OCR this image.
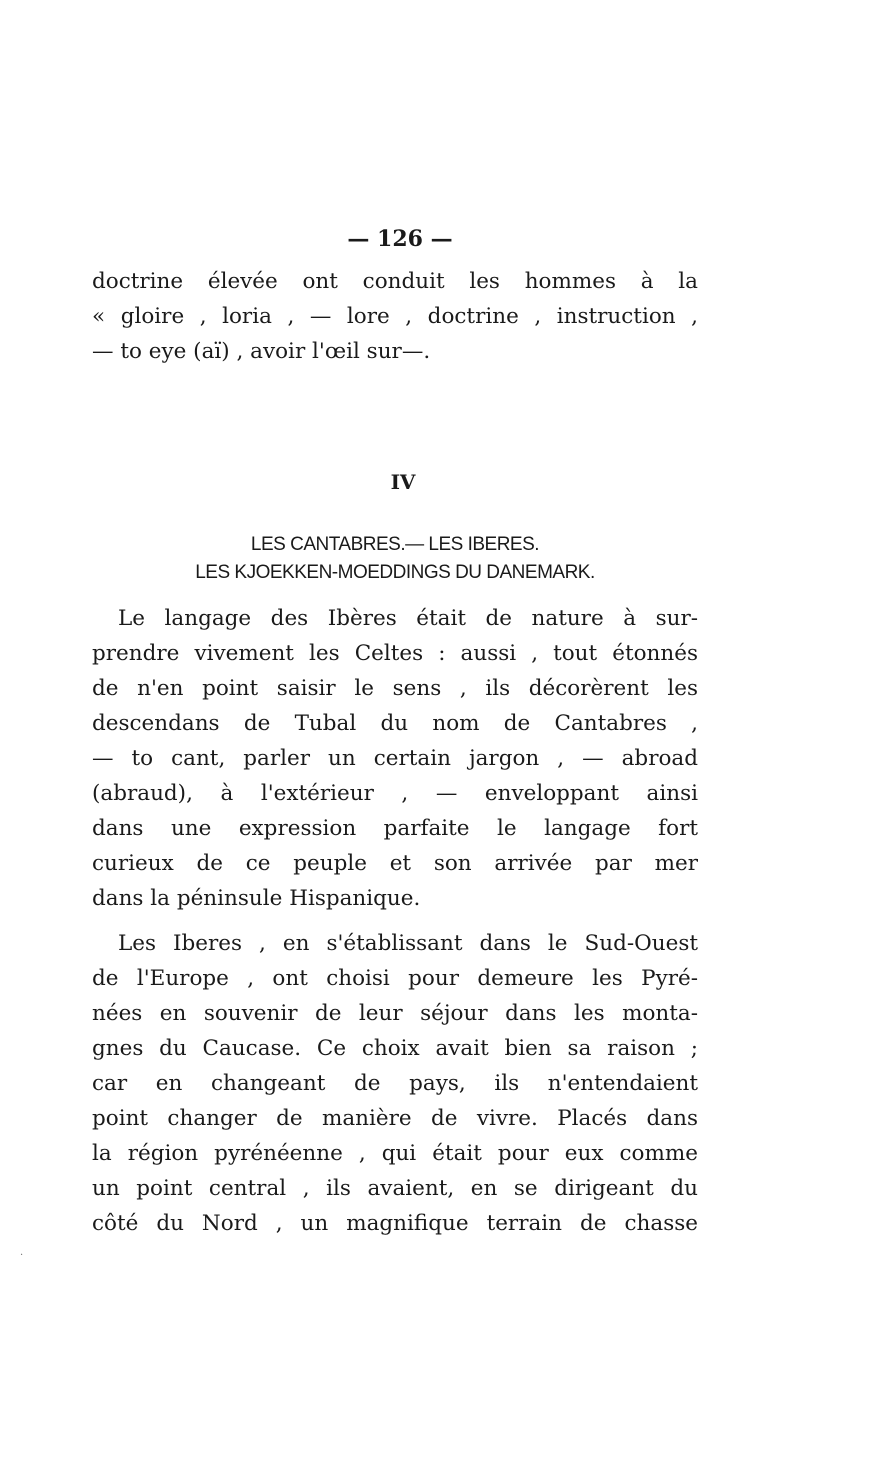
— 126 —
doctrine élevée ont conduit les hommes à la
« gloire , loria , — lore , doctrine , instruction ,
— to eye (aï) , avoir l'œil sur—.
IV
LES CANTABRES.— LES IBERES.
LES KJOEKKEN-MOEDDINGS DU DANEMARK.
Le langage des Ibères était de nature à sur-
prendre vivement les Celtes : aussi , tout étonnés
de n'en point saisir le sens , ils décorèrent les
descendans de Tubal du nom de Cantabres ,
— to cant, parler un certain jargon , — abroad
(abraud), à l'extérieur , — enveloppant ainsi
dans une expression parfaite le langage fort
curieux de ce peuple et son arrivée par mer
dans la péninsule Hispanique.
Les Iberes , en s'établissant dans le Sud-Ouest
de l'Europe , ont choisi pour demeure les Pyré-
nées en souvenir de leur séjour dans les monta-
gnes du Caucase. Ce choix avait bien sa raison ;
car en changeant de pays, ils n'entendaient
point changer de manière de vivre. Placés dans
la région pyrénéenne , qui était pour eux comme
un point central , ils avaient, en se dirigeant du
côté du Nord , un magnifique terrain de chasse
·
